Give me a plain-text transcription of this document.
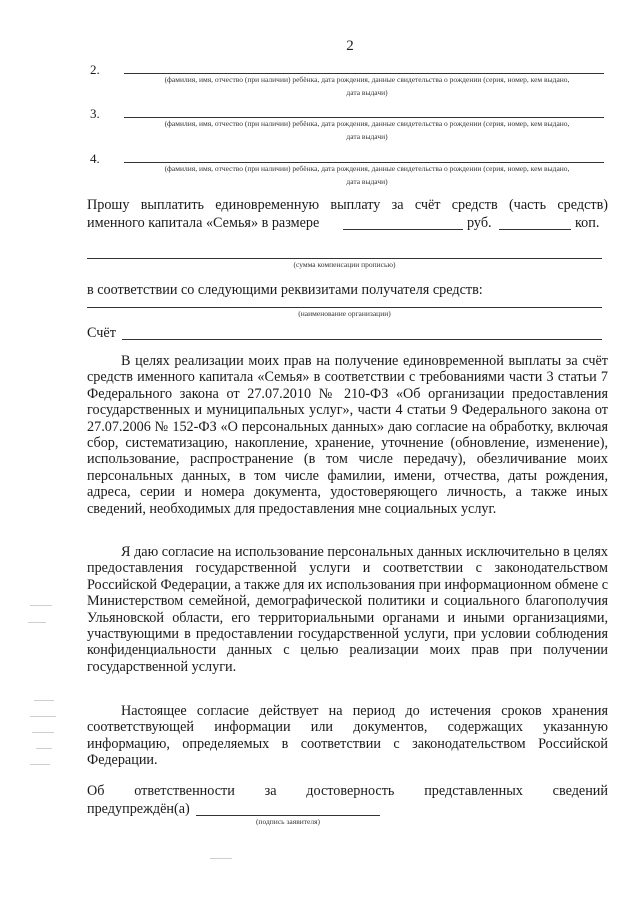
2
2.
(фамилия, имя, отчество (при наличии) ребёнка, дата рождения, данные свидетельства о рождении (серия, номер, кем выдано,
дата выдачи)
3.
(фамилия, имя, отчество (при наличии) ребёнка, дата рождения, данные свидетельства о рождении (серия, номер, кем выдано,
дата выдачи)
4.
(фамилия, имя, отчество (при наличии) ребёнка, дата рождения, данные свидетельства о рождении (серия, номер, кем выдано,
дата выдачи)
Прошу выплатить единовременную выплату за счёт средств (часть средств)
именного капитала «Семья» в размере	руб.	коп.
(сумма компенсации прописью)
в соответствии со следующими реквизитами получателя средств:
(наименование организации)
Счёт

В целях реализации моих прав на получение единовременной выплаты за счёт средств именного капитала «Семья» в соответствии с требованиями части 3 статьи 7 Федерального закона от 27.07.2010 № 210-ФЗ «Об организации предоставления государственных и муниципальных услуг», части 4 статьи 9 Федерального закона от 27.07.2006 № 152-ФЗ «О персональных данных» даю согласие на обработку, включая сбор, систематизацию, накопление, хранение, уточнение (обновление, изменение), использование, распространение (в том числе передачу), обезличивание моих персональных данных, в том числе фамилии, имени, отчества, даты рождения, адреса, серии и номера документа, удостоверяющего личность, а также иных сведений, необходимых для предоставления мне социальных услуг.

Я даю согласие на использование персональных данных исключительно в целях предоставления государственной услуги и соответствии с законодательством Российской Федерации, а также для их использования при информационном обмене с Министерством семейной, демографической политики и социального благополучия Ульяновской области, его территориальными органами и иными организациями, участвующими в предоставлении государственной услуги, при условии соблюдения конфиденциальности данных с целью реализации моих прав при получении государственной услуги.

Настоящее согласие действует на период до истечения сроков хранения соответствующей информации или документов, содержащих указанную информацию, определяемых в соответствии с законодательством Российской Федерации.

Об ответственности за достоверность представленных сведений
предупреждён(а)
(подпись заявителя)
